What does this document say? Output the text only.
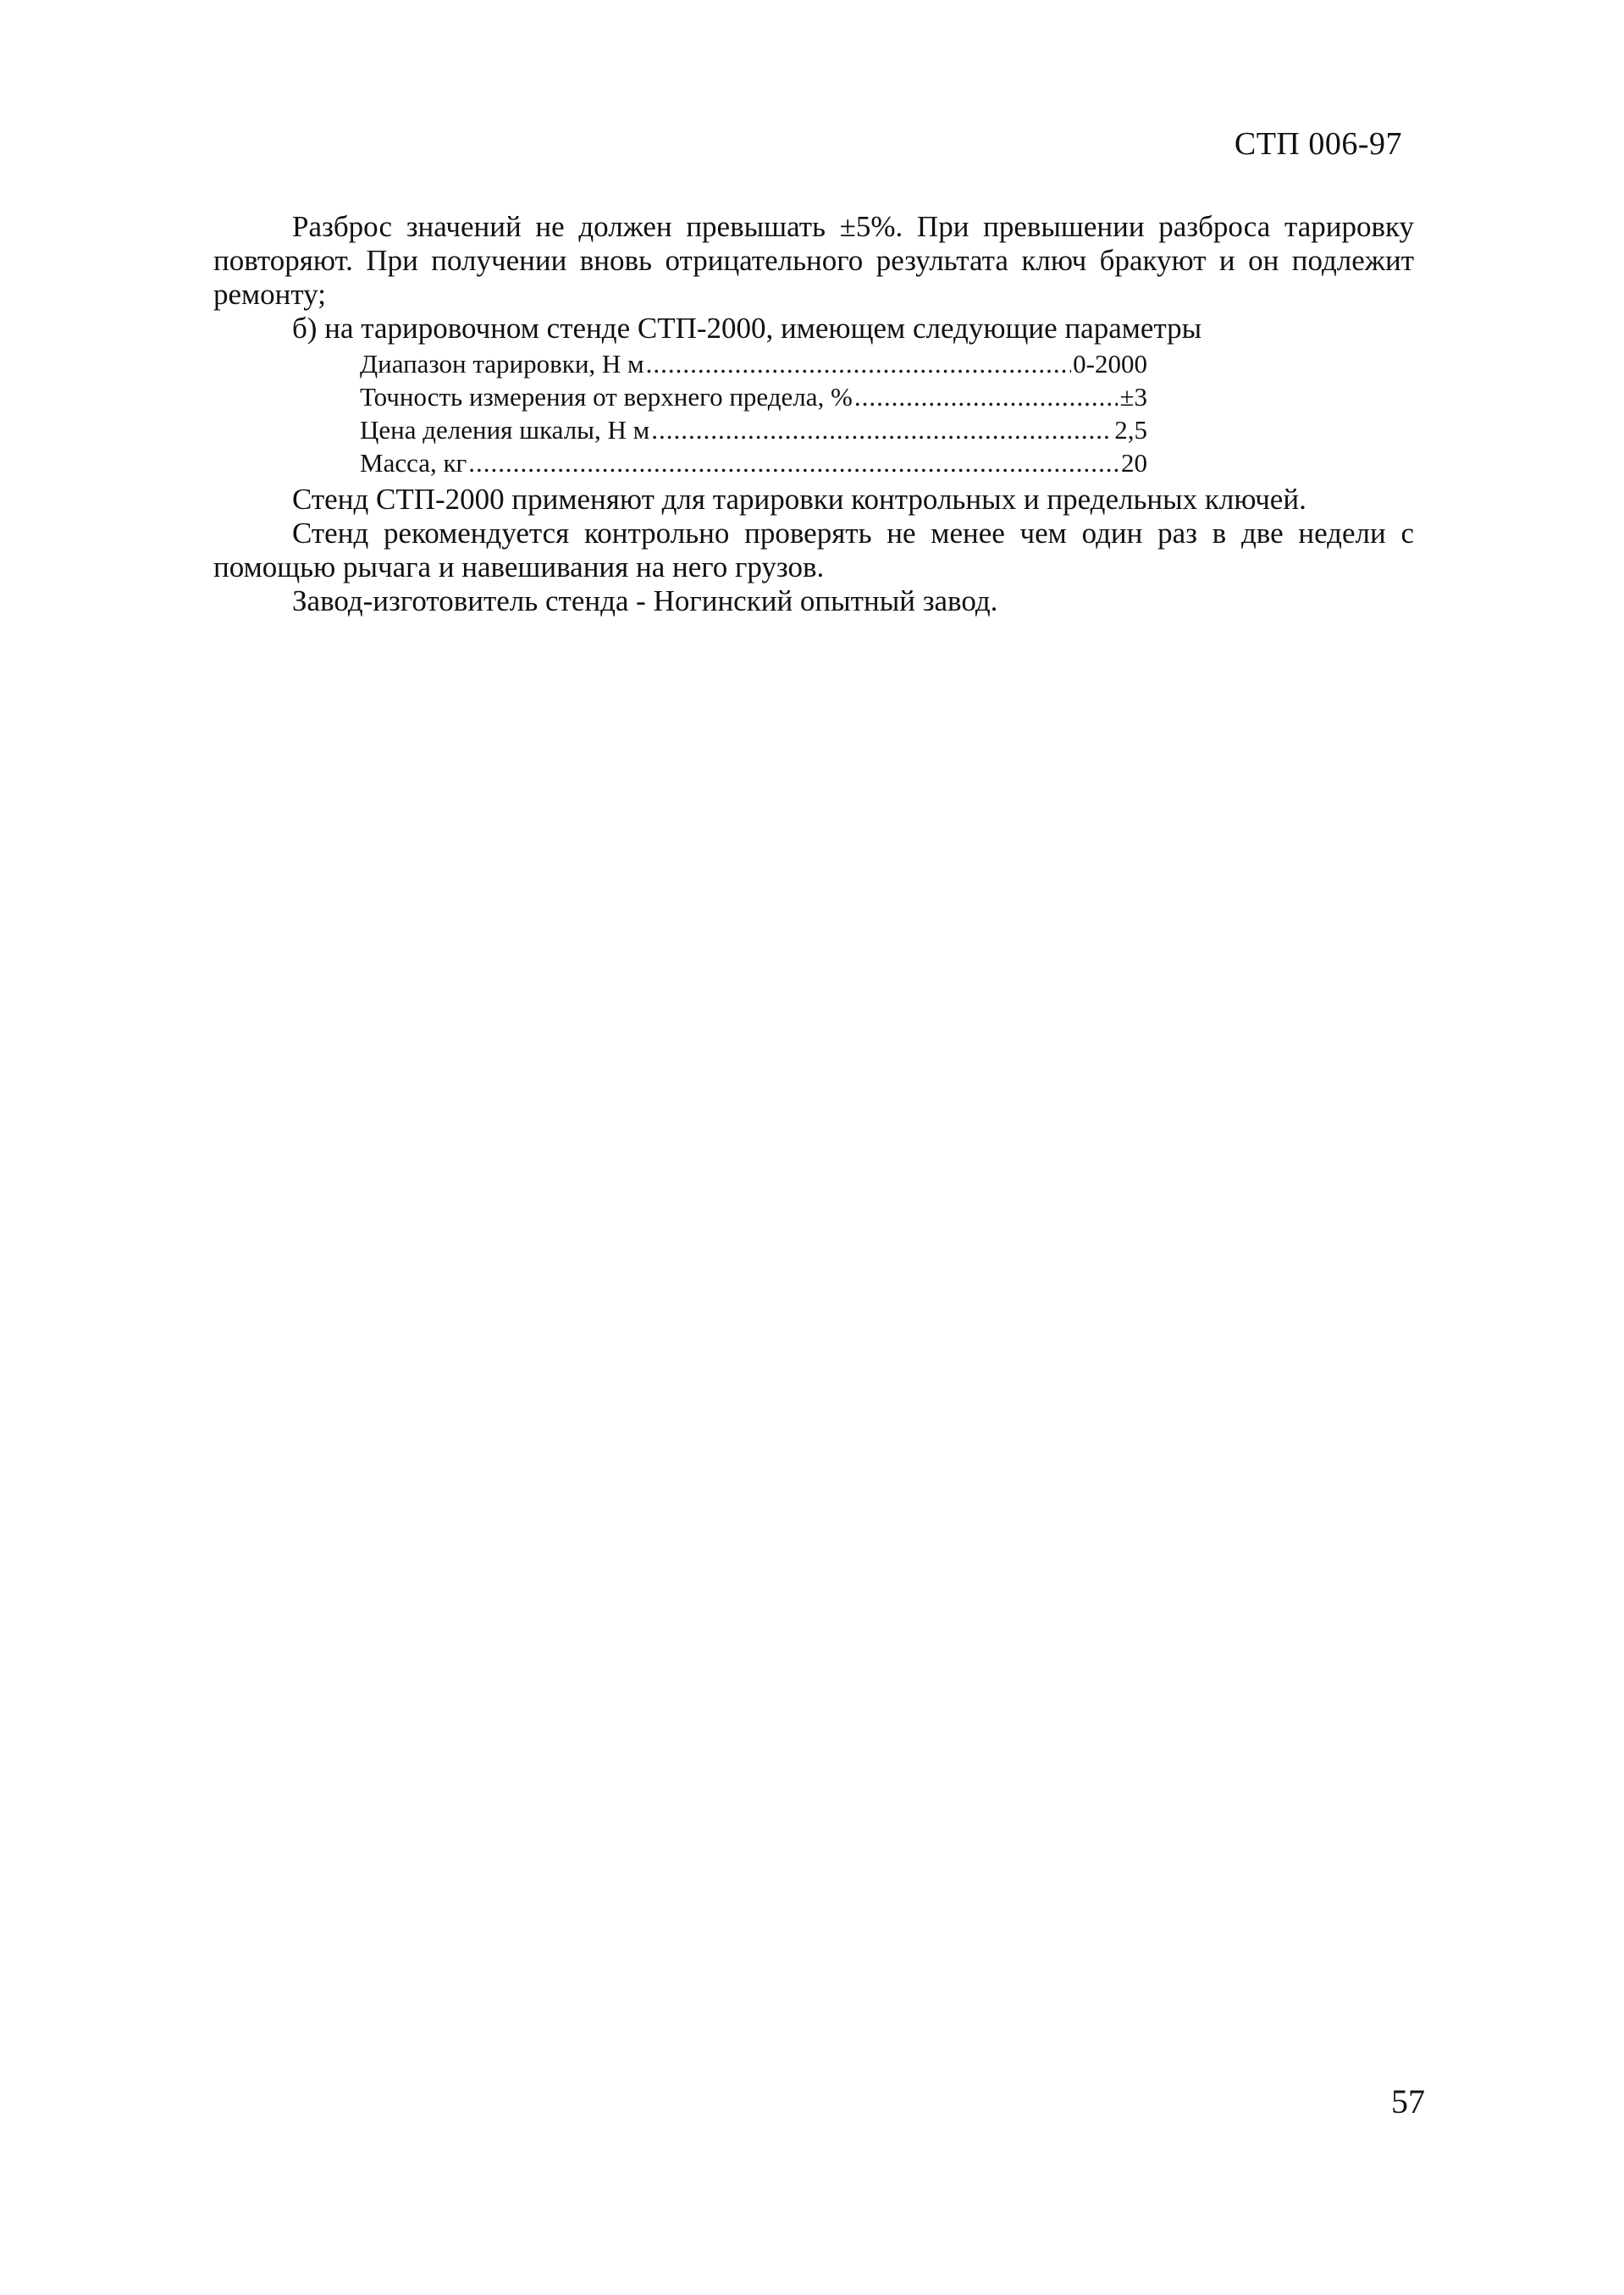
СТП 006-97

Разброс значений не должен превышать ±5%. При превышении разброса тарировку повторяют. При получении вновь отрицательного результата ключ бракуют и он подлежит ремонту;

б) на тарировочном стенде СТП-2000, имеющем следующие параметры

Диапазон тарировки, Н м .....	0-2000
Точность измерения от верхнего предела, % .....	±3
Цена деления шкалы, Н м .....	2,5
Масса, кг .....	20

Стенд СТП-2000 применяют для тарировки контрольных и предельных ключей.

Стенд рекомендуется контрольно проверять не менее чем один раз в две недели с помощью рычага и навешивания на него грузов.

Завод-изготовитель стенда - Ногинский опытный завод.

57
